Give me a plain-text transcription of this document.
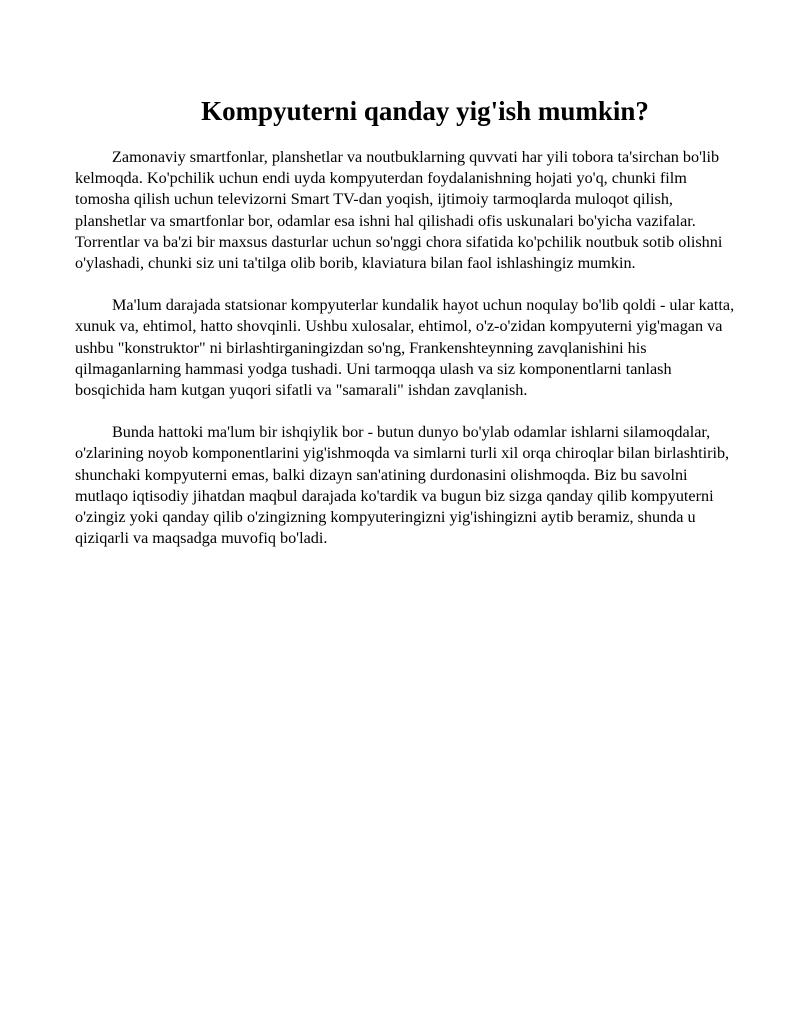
Kompyuterni qanday yig'ish mumkin?

Zamonaviy smartfonlar, planshetlar va noutbuklarning quvvati har yili tobora ta'sirchan bo'lib kelmoqda. Ko'pchilik uchun endi uyda kompyuterdan foydalanishning hojati yo'q, chunki film tomosha qilish uchun televizorni Smart TV-dan yoqish, ijtimoiy tarmoqlarda muloqot qilish, planshetlar va smartfonlar bor, odamlar esa ishni hal qilishadi ofis uskunalari bo'yicha vazifalar. Torrentlar va ba'zi bir maxsus dasturlar uchun so'nggi chora sifatida ko'pchilik noutbuk sotib olishni o'ylashadi, chunki siz uni ta'tilga olib borib, klaviatura bilan faol ishlashingiz mumkin.

Ma'lum darajada statsionar kompyuterlar kundalik hayot uchun noqulay bo'lib qoldi - ular katta, xunuk va, ehtimol, hatto shovqinli. Ushbu xulosalar, ehtimol, o'z-o'zidan kompyuterni yig'magan va ushbu "konstruktor" ni birlashtirganingizdan so'ng, Frankenshteynning zavqlanishini his qilmaganlarning hammasi yodga tushadi. Uni tarmoqqa ulash va siz komponentlarni tanlash bosqichida ham kutgan yuqori sifatli va "samarali" ishdan zavqlanish.

Bunda hattoki ma'lum bir ishqiylik bor - butun dunyo bo'ylab odamlar ishlarni silamoqdalar, o'zlarining noyob komponentlarini yig'ishmoqda va simlarni turli xil orqa chiroqlar bilan birlashtirib, shunchaki kompyuterni emas, balki dizayn san'atining durdonasini olishmoqda. Biz bu savolni mutlaqo iqtisodiy jihatdan maqbul darajada ko'tardik va bugun biz sizga qanday qilib kompyuterni o'zingiz yoki qanday qilib o'zingizning kompyuteringizni yig'ishingizni aytib beramiz, shunda u qiziqarli va maqsadga muvofiq bo'ladi.
